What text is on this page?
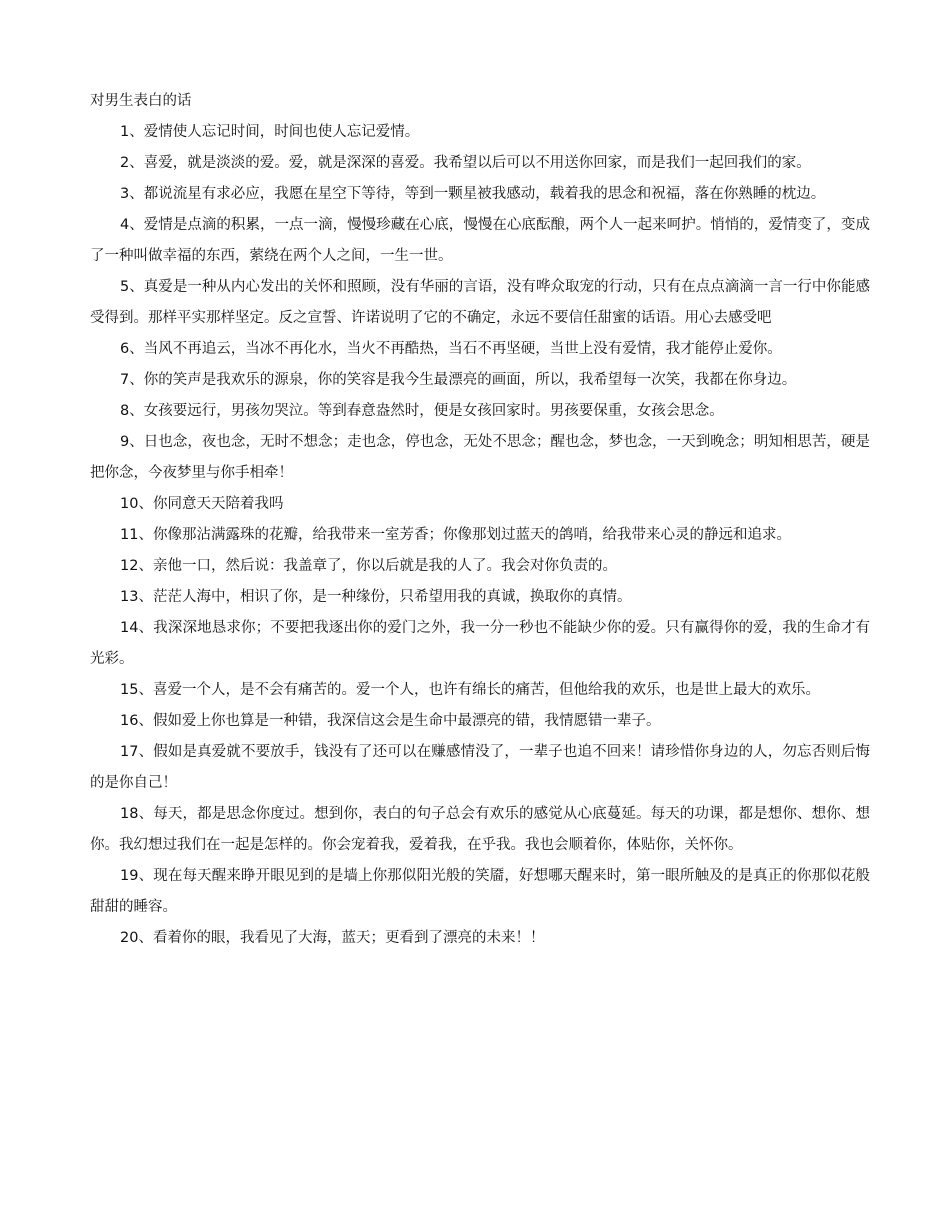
对男生表白的话

1、爱情使人忘记时间，时间也使人忘记爱情。

2、喜爱，就是淡淡的爱。爱，就是深深的喜爱。我希望以后可以不用送你回家，而是我们一起回我们的家。

3、都说流星有求必应，我愿在星空下等待，等到一颗星被我感动，载着我的思念和祝福，落在你熟睡的枕边。

4、爱情是点滴的积累，一点一滴，慢慢珍藏在心底，慢慢在心底酝酿，两个人一起来呵护。悄悄的，爱情变了，变成了一种叫做幸福的东西，萦绕在两个人之间，一生一世。

5、真爱是一种从内心发出的关怀和照顾，没有华丽的言语，没有哗众取宠的行动，只有在点点滴滴一言一行中你能感受得到。那样平实那样坚定。反之宣誓、许诺说明了它的不确定，永远不要信任甜蜜的话语。用心去感受吧

6、当风不再追云，当冰不再化水，当火不再酷热，当石不再坚硬，当世上没有爱情，我才能停止爱你。

7、你的笑声是我欢乐的源泉，你的笑容是我今生最漂亮的画面，所以，我希望每一次笑，我都在你身边。

8、女孩要远行，男孩勿哭泣。等到春意盎然时，便是女孩回家时。男孩要保重，女孩会思念。

9、日也念，夜也念，无时不想念；走也念，停也念，无处不思念；醒也念，梦也念，一天到晚念；明知相思苦，硬是把你念，今夜梦里与你手相牵！

10、你同意天天陪着我吗

11、你像那沾满露珠的花瓣，给我带来一室芳香；你像那划过蓝天的鸽哨，给我带来心灵的静远和追求。

12、亲他一口，然后说：我盖章了，你以后就是我的人了。我会对你负责的。

13、茫茫人海中，相识了你，是一种缘份，只希望用我的真诚，换取你的真情。

14、我深深地恳求你；不要把我逐出你的爱门之外，我一分一秒也不能缺少你的爱。只有赢得你的爱，我的生命才有光彩。

15、喜爱一个人，是不会有痛苦的。爱一个人，也许有绵长的痛苦，但他给我的欢乐，也是世上最大的欢乐。

16、假如爱上你也算是一种错，我深信这会是生命中最漂亮的错，我情愿错一辈子。

17、假如是真爱就不要放手，钱没有了还可以在赚感情没了，一辈子也追不回来！请珍惜你身边的人，勿忘否则后悔的是你自己！

18、每天，都是思念你度过。想到你，表白的句子总会有欢乐的感觉从心底蔓延。每天的功课，都是想你、想你、想你。我幻想过我们在一起是怎样的。你会宠着我，爱着我，在乎我。我也会顺着你，体贴你，关怀你。

19、现在每天醒来睁开眼见到的是墙上你那似阳光般的笑靥，好想哪天醒来时，第一眼所触及的是真正的你那似花般甜甜的睡容。

20、看着你的眼，我看见了大海，蓝天；更看到了漂亮的未来！！
